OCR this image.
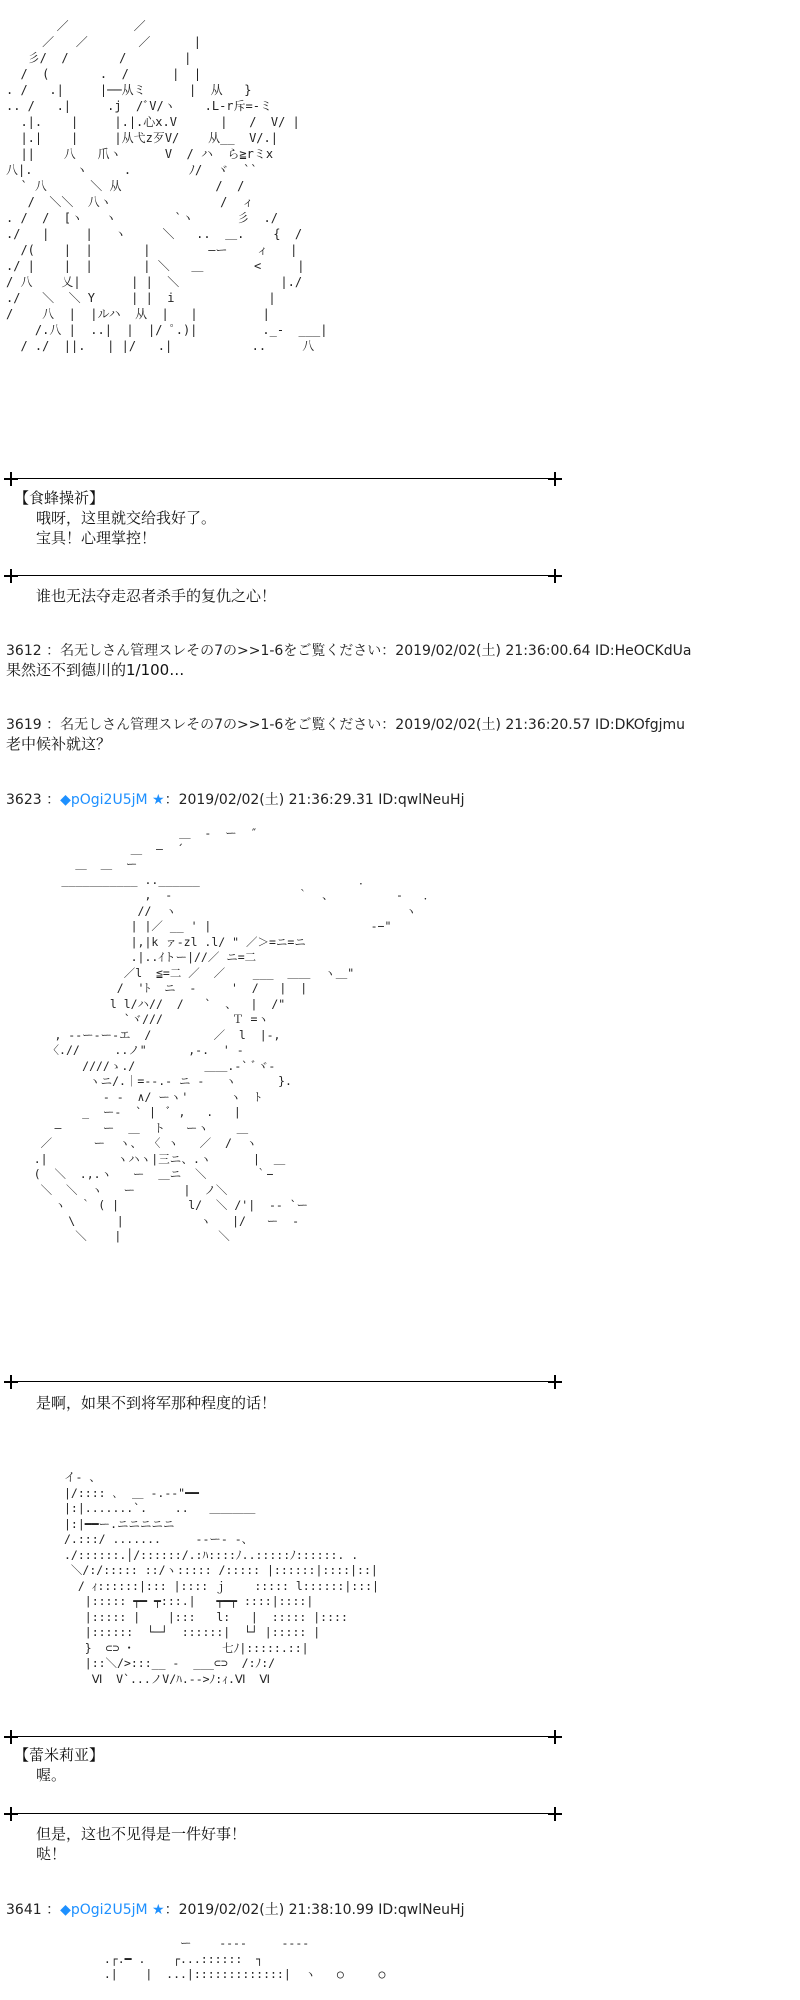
／         ／
／   ／       ／      |
彡/  /       /        |
/  (       .  /      |  |
. /   .|     |──从ミ      |  从   }
.. /   .|     .j  /ﾞV/ヽ    .L-r斥=-ミ
.|.    |     |.|.心x.V      |   /  V/ |
|.|    |     |从弋z歹V/    从__  V/.|
||    八   爪ヽ      V  / ハ  ら≧rミx
八|.      ヽ     .        ﾉ/  ヾ  ``
` 八      ＼ 从             /  /
/  ＼＼  八ヽ               /  ィ
. /  /  [ヽ   ヽ        `ヽ      彡  ./
./   |     |   ヽ     ＼   ..  ＿.    {  /
/(    |  |       |        ―ー    ィ   |
./ |    |  |       | ＼   ＿       <     |
/ 八    乂|       | |  ＼              |./
./   ＼  ＼ Y     | |  i             |
/    八  |  |ルハ  从  |   |         |
/.八 |  ..|  |  |/ ﾟ.)|         ._-  ___|
/ ./  ||.   | |/   .|           ..     八
【食蜂操祈】
哦呀，这里就交给我好了。
宝具！心理掌控！
谁也无法夺走忍者杀手的复仇之心！
3612 ：名无しさん管理スレその7の>>1-6をご覧ください：2019/02/02(土) 21:36:00.64 ID:HeOCKdUa
果然还不到德川的1/100…
3619 ：名无しさん管理スレその7の>>1-6をご覧ください：2019/02/02(土) 21:36:20.57 ID:DKOfgjmu
老中候补就这？
3623 ：◆pOgi2U5jM ★：2019/02/02(土) 21:36:29.31 ID:qwlNeuHj
＿  -  ー  ″
＿  ―  ´
＿  ＿  ー
___________ ..______                       ．
,  -                  ｀  、         ‐   ．
//  ヽ                                 ヽ
| |／ __ ' |                       -−"
|,|k ァ-zl .l/ " ／＞=ニ=ニ
.|..ｲトー|//／ ニ=二
／l  ≦=二 ／  ／    ___  ＿＿  ヽ＿"
/  'ﾄ  ニ  -     '  /   |  |
l l/ハ//  /   `  、  |  /"
`ヾ///          Ｔ =ヽ
, --ー-ー-エ  /         ／  l  |-,
〈.//     ..ノ"      ,-.  ' -
////ゝ./          ＿＿.-` ﾞヾ-
ヽニ/.｜=--.- ニ -   ヽ      }.
- -  ∧/ ーヽ'      ヽ  ﾄ
_  ー-  ` |  ﾞ ,   .   |
―      ー  ＿  ト   ーヽ    ＿
／      ー  ヽ、 〈 ヽ   ／  /  ヽ
.|          ヽハヽ|三ニ、.ヽ      |  ＿
(  ＼  .,.ヽ   ー  ＿ニ  ＼       ｀−
＼  ＼  ヽ   ー       |  ノ＼
ヽ  ｀ ( |          l/  ＼ /'|  -- `ー
\      |           ヽ   |/   ー  ‐
＼    |              ＼
是啊，如果不到将军那种程度的话！
イ- 、
|/:::: ､  ＿ -.-‐"━━
|:|.......`.    ..   ＿＿＿＿
|:|━━ー.ニニニニニ
/.:::/ .......     ‐‐ー‐ ‐、
./::::::.│/::::::/.:ﾊ::::ﾉ..:::::ﾉ::::::. .
＼/:/::::: ::/ヽ::::: /::::: |::::::|::::|::|
/ ｨ::::::|::: |:::: ｊ    ::::: l::::::|:::|
|::::: ┯━ ┯:::.|   ┯━┯ ::::|::::|
|::::: |    |:::   l:   |  ::::: |::::
|::::::  └─┘  ::::::|  └┘ |::::: |
}  ⊂⊃ ･             七ﾉ|:::::.::|
|::＼/>:::__ -  ___⊂⊃  /:ﾉ:/
Ⅵ  V`...ノV/ﾊ.-->ﾉ:ｨ.Ⅵ  Ⅵ
【蕾米莉亚】
喔。
但是，这也不见得是一件好事！
哒！
3641 ：◆pOgi2U5jM ★：2019/02/02(土) 21:38:10.99 ID:qwlNeuHj
ー    ‐‐‐‐     ‐‐‐‐
.┌.━ .    ┌...::::::  ┐
.|    |  ...|:::::::::::::|  ヽ   ○     ○
